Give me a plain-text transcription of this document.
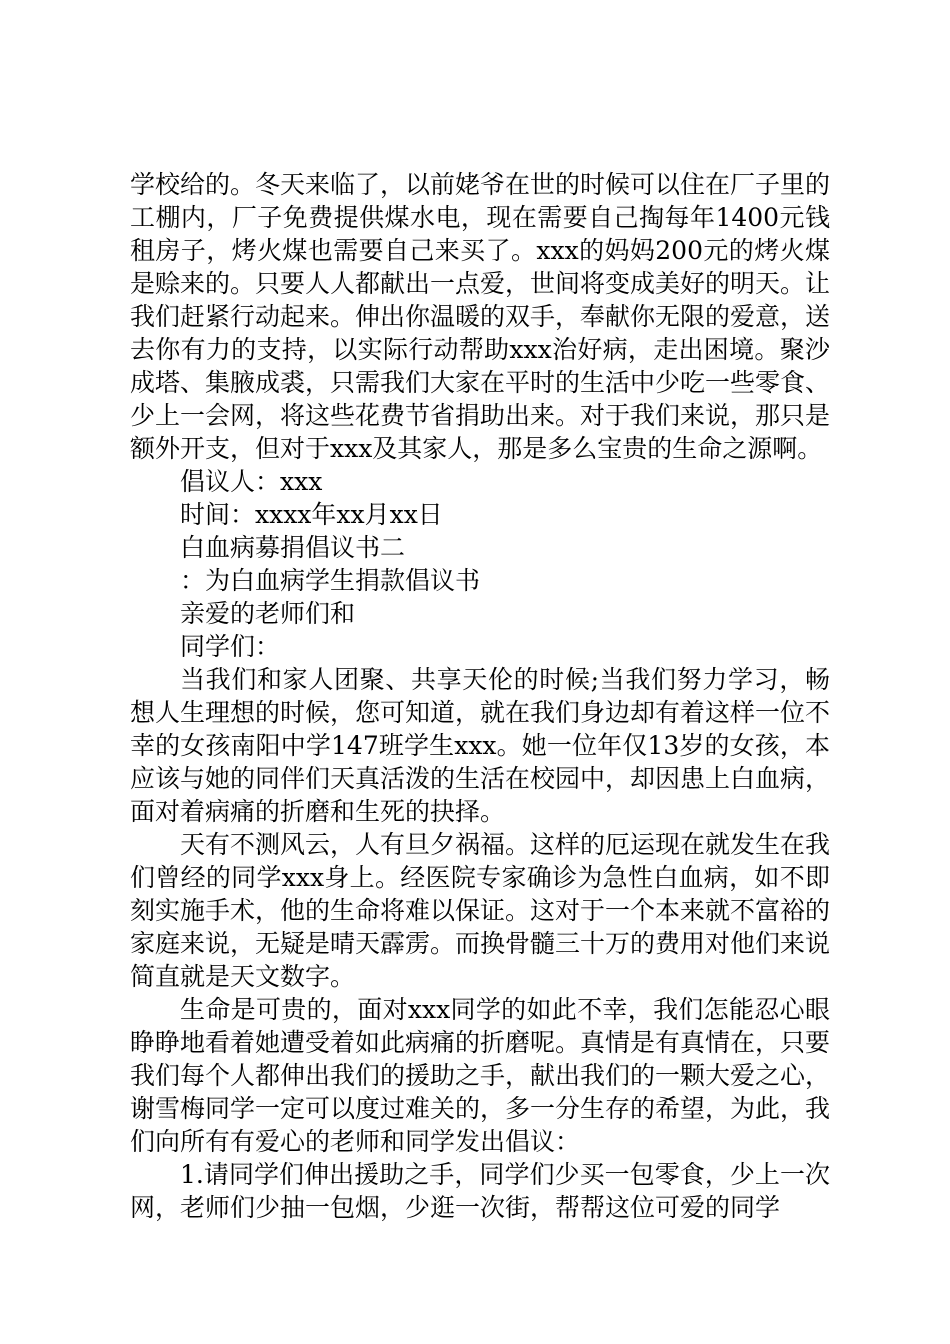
学校给的。冬天来临了，以前姥爷在世的时候可以住在厂子里的工棚内，厂子免费提供煤水电，现在需要自己掏每年1400元钱租房子，烤火煤也需要自己来买了。xxx的妈妈200元的烤火煤是赊来的。只要人人都献出一点爱，世间将变成美好的明天。让我们赶紧行动起来。伸出你温暖的双手，奉献你无限的爱意，送去你有力的支持，以实际行动帮助xxx治好病，走出困境。聚沙成塔、集腋成裘，只需我们大家在平时的生活中少吃一些零食、少上一会网，将这些花费节省捐助出来。对于我们来说，那只是额外开支，但对于xxx及其家人，那是多么宝贵的生命之源啊。

倡议人：xxx

时间：xxxx年xx月xx日

白血病募捐倡议书二

：为白血病学生捐款倡议书

亲爱的老师们和

同学们：

当我们和家人团聚、共享天伦的时候;当我们努力学习，畅想人生理想的时候，您可知道，就在我们身边却有着这样一位不幸的女孩南阳中学147班学生xxx。她一位年仅13岁的女孩，本应该与她的同伴们天真活泼的生活在校园中，却因患上白血病，面对着病痛的折磨和生死的抉择。

天有不测风云，人有旦夕祸福。这样的厄运现在就发生在我们曾经的同学xxx身上。经医院专家确诊为急性白血病，如不即刻实施手术，他的生命将难以保证。这对于一个本来就不富裕的家庭来说，无疑是晴天霹雳。而换骨髓三十万的费用对他们来说简直就是天文数字。

生命是可贵的，面对xxx同学的如此不幸，我们怎能忍心眼睁睁地看着她遭受着如此病痛的折磨呢。真情是有真情在，只要我们每个人都伸出我们的援助之手，献出我们的一颗大爱之心，谢雪梅同学一定可以度过难关的，多一分生存的希望，为此，我们向所有有爱心的老师和同学发出倡议：

1.请同学们伸出援助之手，同学们少买一包零食，少上一次网，老师们少抽一包烟，少逛一次街，帮帮这位可爱的同学
